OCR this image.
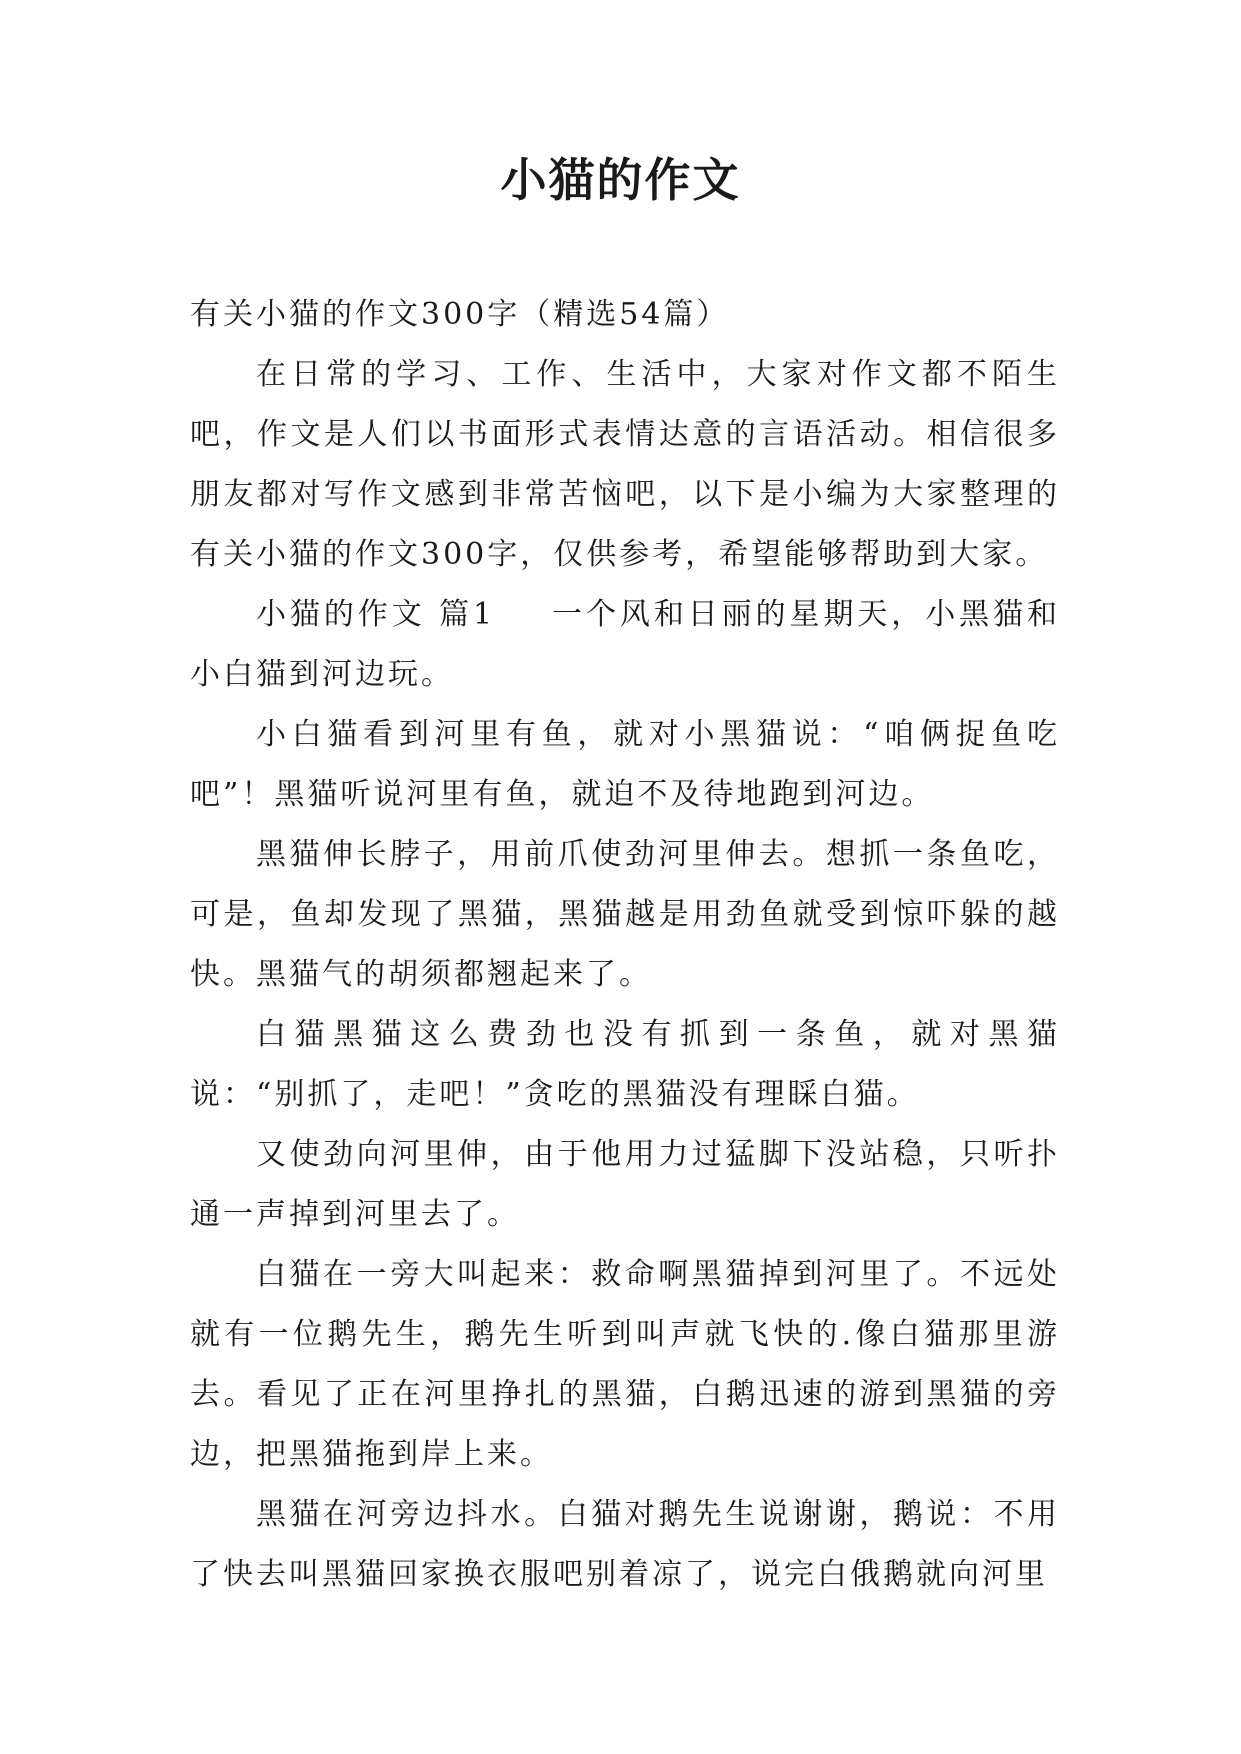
小猫的作文

有关小猫的作文300字（精选54篇）

在日常的学习、工作、生活中，大家对作文都不陌生吧，作文是人们以书面形式表情达意的言语活动。相信很多朋友都对写作文感到非常苦恼吧，以下是小编为大家整理的有关小猫的作文300字，仅供参考，希望能够帮助到大家。

小猫的作文 篇1 一个风和日丽的星期天，小黑猫和小白猫到河边玩。

小白猫看到河里有鱼，就对小黑猫说：“咱俩捉鱼吃吧”！黑猫听说河里有鱼，就迫不及待地跑到河边。

黑猫伸长脖子，用前爪使劲河里伸去。想抓一条鱼吃，可是，鱼却发现了黑猫，黑猫越是用劲鱼就受到惊吓躲的越快。黑猫气的胡须都翘起来了。

白猫黑猫这么费劲也没有抓到一条鱼，就对黑猫说：“别抓了，走吧！”贪吃的黑猫没有理睬白猫。

又使劲向河里伸，由于他用力过猛脚下没站稳，只听扑通一声掉到河里去了。

白猫在一旁大叫起来：救命啊黑猫掉到河里了。不远处就有一位鹅先生，鹅先生听到叫声就飞快的.像白猫那里游去。看见了正在河里挣扎的黑猫，白鹅迅速的游到黑猫的旁边，把黑猫拖到岸上来。

黑猫在河旁边抖水。白猫对鹅先生说谢谢，鹅说：不用了快去叫黑猫回家换衣服吧别着凉了，说完白俄鹅就向河里
